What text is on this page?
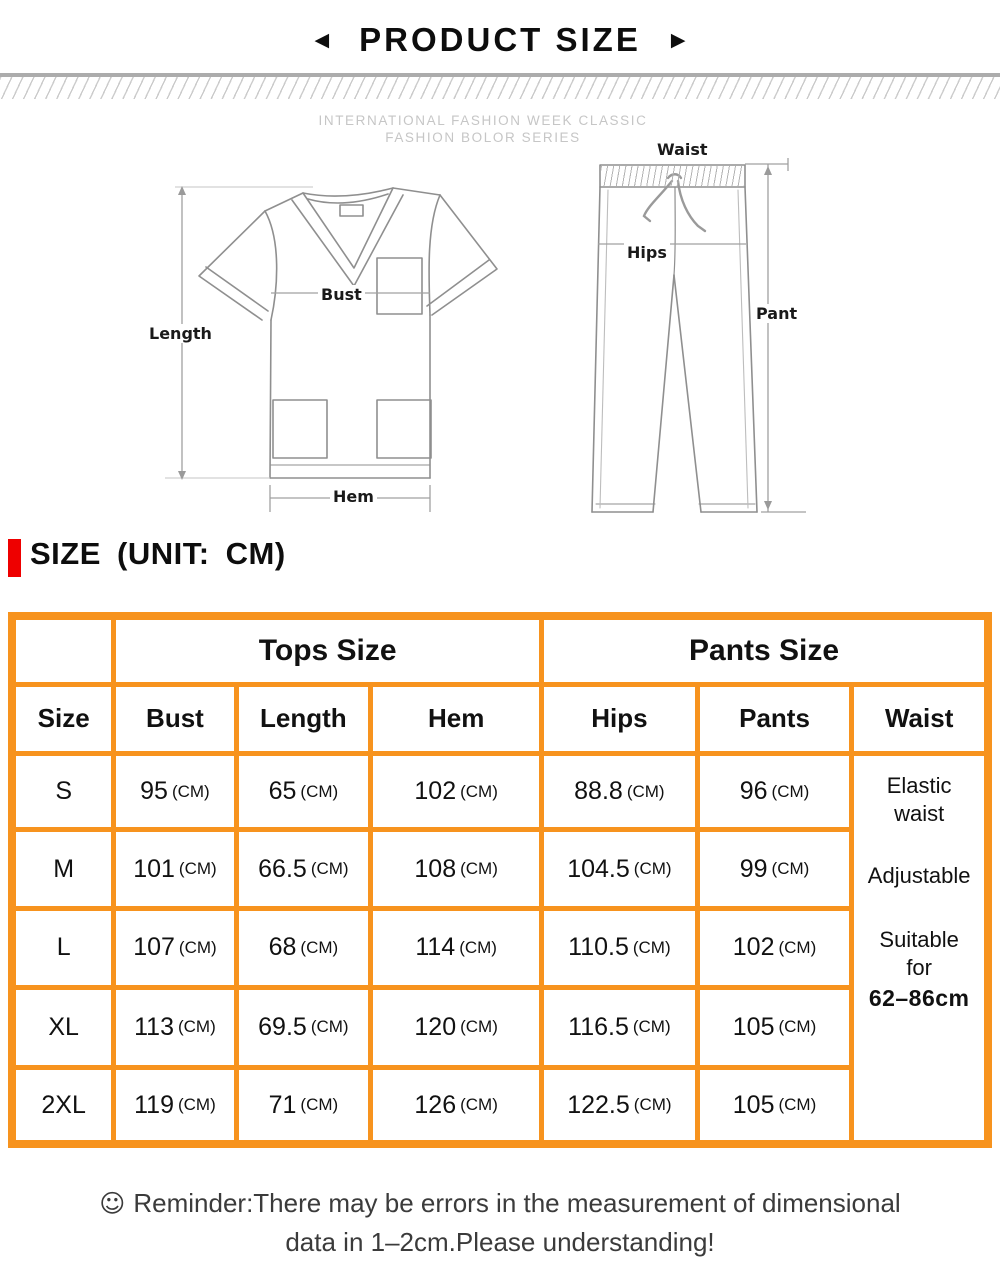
◀ PRODUCT SIZE ▶
INTERNATIONAL FASHION WEEK CLASSIC
FASHION BOLOR SERIES
Length
Bust
Hem
Waist
Hips
Pant
SIZE (UNIT: CM)
Tops Size	Pants Size
Size	Bust	Length	Hem	Hips	Pants	Waist
S	95 (CM) 65 (CM)	102 (CM)	88.8 (CM)	96 (CM)	Elastic waist
Adjustable
Suitable for
62–86cm
M	101 (CM) 66.5 (CM)	108 (CM)	104.5 (CM)	99 (CM)
L	107 (CM) 68 (CM)	114 (CM)	110.5 (CM) 102 (CM)
XL	113 (CM) 69.5 (CM)	120 (CM)	116.5 (CM) 105 (CM)
2XL	119 (CM) 71 (CM)	126 (CM)	122.5 (CM) 105 (CM)
☺ Reminder:There may be errors in the measurement of dimensional
data in 1–2cm.Please understanding!
